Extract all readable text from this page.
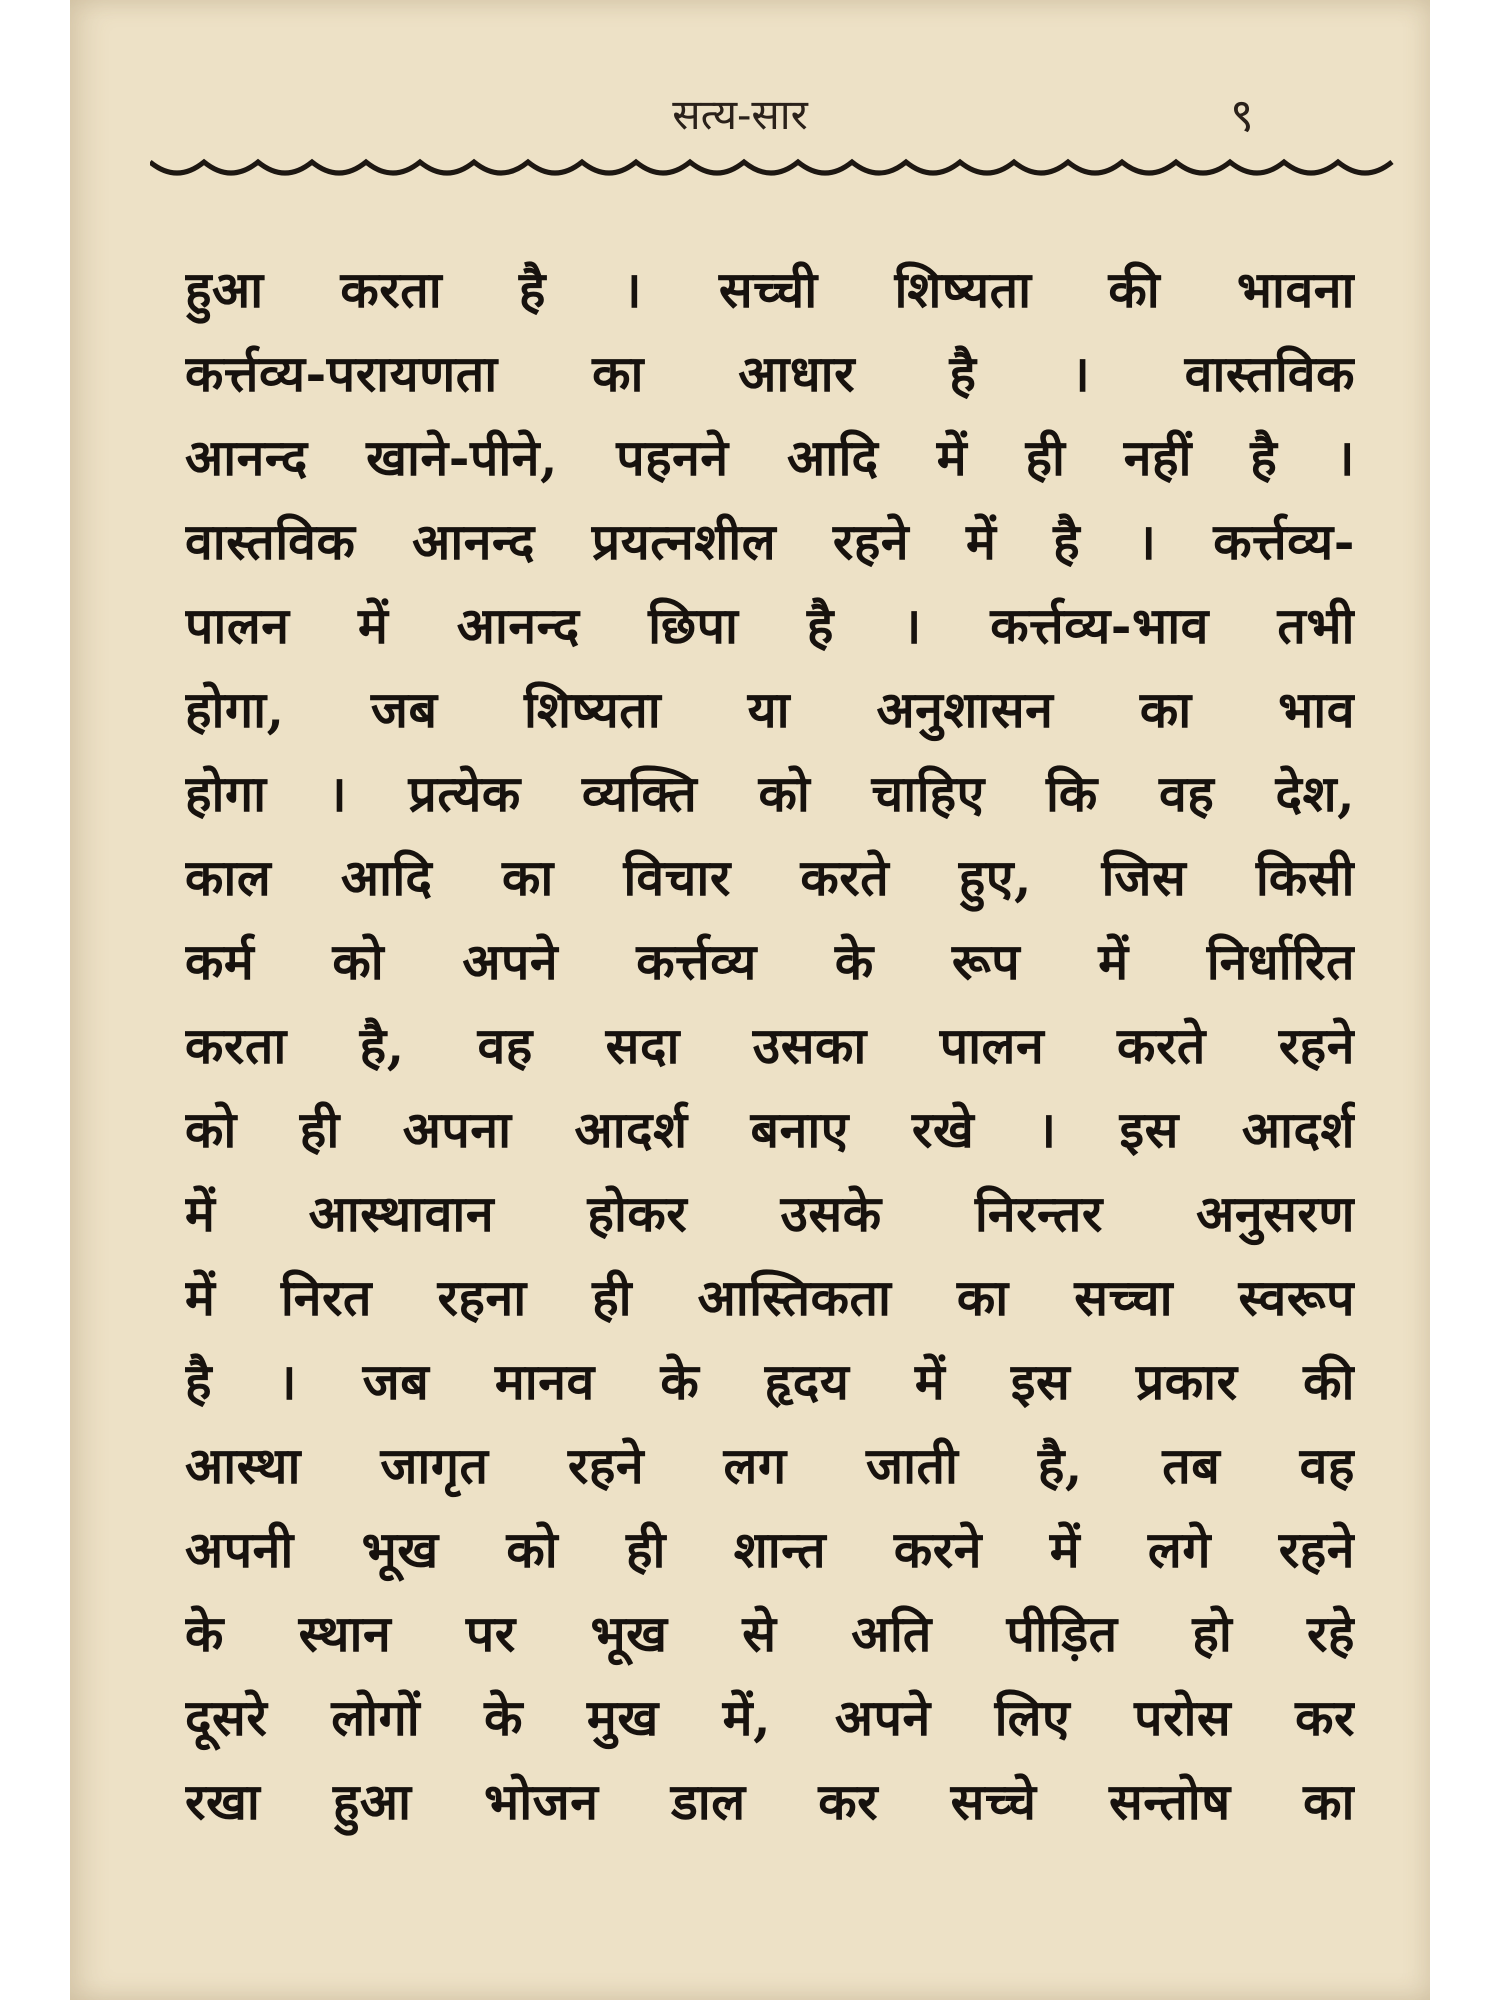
सत्य-सार	९
हुआ करता है । सच्ची शिष्यता की भावना
कर्त्तव्य-परायणता का आधार है । वास्तविक
आनन्द खाने-पीने, पहनने आदि में ही नहीं है ।
वास्तविक आनन्द प्रयत्नशील रहने में है । कर्त्तव्य-
पालन में आनन्द छिपा है । कर्त्तव्य-भाव तभी
होगा, जब शिष्यता या अनुशासन का भाव
होगा । प्रत्येक व्यक्ति को चाहिए कि वह देश,
काल आदि का विचार करते हुए, जिस किसी
कर्म को अपने कर्त्तव्य के रूप में निर्धारित
करता है, वह सदा उसका पालन करते रहने
को ही अपना आदर्श बनाए रखे । इस आदर्श
में आस्थावान होकर उसके निरन्तर अनुसरण
में निरत रहना ही आस्तिकता का सच्चा स्वरूप
है । जब मानव के हृदय में इस प्रकार की
आस्था जागृत रहने लग जाती है, तब वह
अपनी भूख को ही शान्त करने में लगे रहने
के स्थान पर भूख से अति पीड़ित हो रहे
दूसरे लोगों के मुख में, अपने लिए परोस कर
रखा हुआ भोजन डाल कर सच्चे सन्तोष का
